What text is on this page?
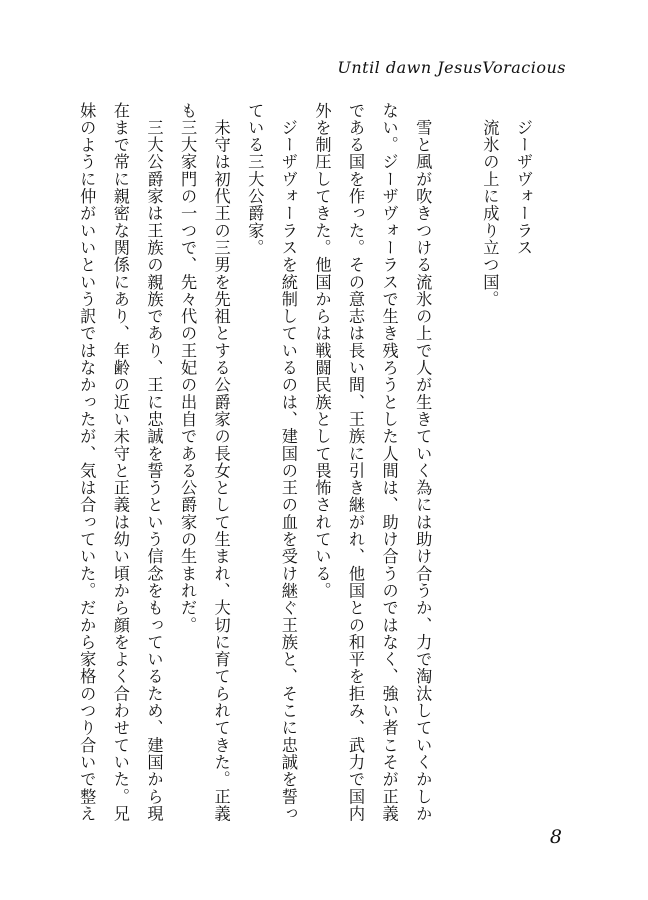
Until dawn JesusVoracious
　ジーザヴォーラス
　流氷の上に成り立つ国。

　雪と風が吹きつける流氷の上で人が生きていく為には助け合うか、力で淘汰していくかしか
ない。ジーザヴォーラスで生き残ろうとした人間は、助け合うのではなく、強い者こそが正義
である国を作った。その意志は長い間、王族に引き継がれ、他国との和平を拒み、武力で国内
外を制圧してきた。他国からは戦闘民族として畏怖されている。
　ジーザヴォーラスを統制しているのは、建国の王の血を受け継ぐ王族と、そこに忠誠を誓っ
ている三大公爵家。
　未守は初代王の三男を先祖とする公爵家の長女として生まれ、大切に育てられてきた。正義
も三大家門の一つで、先々代の王妃の出自である公爵家の生まれだ。
　三大公爵家は王族の親族であり、王に忠誠を誓うという信念をもっているため、建国から現
在まで常に親密な関係にあり、年齢の近い未守と正義は幼い頃から顔をよく合わせていた。兄
妹のように仲がいいという訳ではなかったが、気は合っていた。だから家格のつり合いで整え
8
